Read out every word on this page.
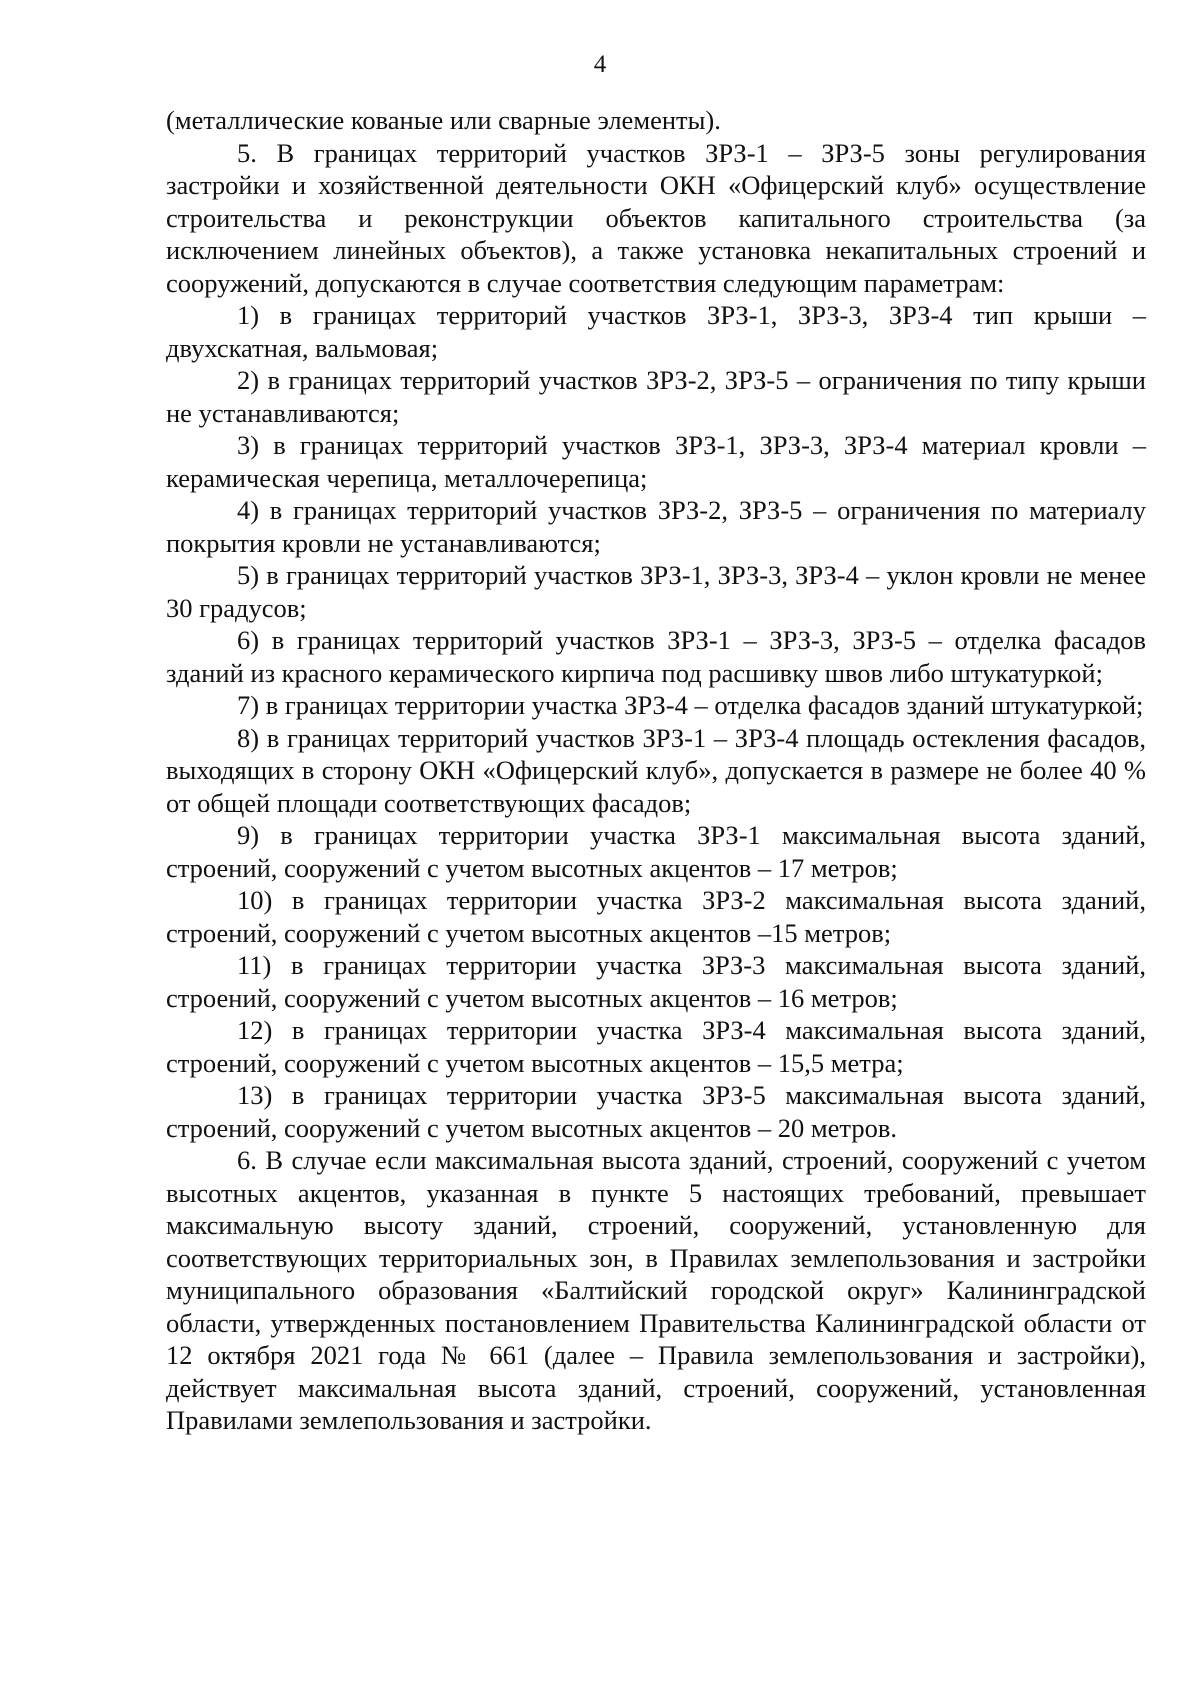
4

(металлические кованые или сварные элементы).

5. В границах территорий участков ЗРЗ-1 – ЗРЗ-5 зоны регулирования застройки и хозяйственной деятельности ОКН «Офицерский клуб» осуществление строительства и реконструкции объектов капитального строительства (за исключением линейных объектов), а также установка некапитальных строений и сооружений, допускаются в случае соответствия следующим параметрам:

1) в границах территорий участков ЗРЗ-1, ЗРЗ-3, ЗРЗ-4 тип крыши – двухскатная, вальмовая;

2) в границах территорий участков ЗРЗ-2, ЗРЗ-5 – ограничения по типу крыши не устанавливаются;

3) в границах территорий участков ЗРЗ-1, ЗРЗ-3, ЗРЗ-4 материал кровли – керамическая черепица, металлочерепица;

4) в границах территорий участков ЗРЗ-2, ЗРЗ-5 – ограничения по материалу покрытия кровли не устанавливаются;

5) в границах территорий участков ЗРЗ-1, ЗРЗ-3, ЗРЗ-4 – уклон кровли не менее 30 градусов;

6) в границах территорий участков ЗРЗ-1 – ЗРЗ-3, ЗРЗ-5 – отделка фасадов зданий из красного керамического кирпича под расшивку швов либо штукатуркой;

7) в границах территории участка ЗРЗ-4 – отделка фасадов зданий штукатуркой;

8) в границах территорий участков ЗРЗ-1 – ЗРЗ-4 площадь остекления фасадов, выходящих в сторону ОКН «Офицерский клуб», допускается в размере не более 40 % от общей площади соответствующих фасадов;

9) в границах территории участка ЗРЗ-1 максимальная высота зданий, строений, сооружений с учетом высотных акцентов – 17 метров;

10) в границах территории участка ЗРЗ-2 максимальная высота зданий, строений, сооружений с учетом высотных акцентов –15 метров;

11) в границах территории участка ЗРЗ-3 максимальная высота зданий, строений, сооружений с учетом высотных акцентов – 16 метров;

12) в границах территории участка ЗРЗ-4 максимальная высота зданий, строений, сооружений с учетом высотных акцентов – 15,5 метра;

13) в границах территории участка ЗРЗ-5 максимальная высота зданий, строений, сооружений с учетом высотных акцентов – 20 метров.

6. В случае если максимальная высота зданий, строений, сооружений с учетом высотных акцентов, указанная в пункте 5 настоящих требований, превышает максимальную высоту зданий, строений, сооружений, установленную для соответствующих территориальных зон, в Правилах землепользования и застройки муниципального образования «Балтийский городской округ» Калининградской области, утвержденных постановлением Правительства Калининградской области от 12 октября 2021 года № 661 (далее – Правила землепользования и застройки), действует максимальная высота зданий, строений, сооружений, установленная Правилами землепользования и застройки.
